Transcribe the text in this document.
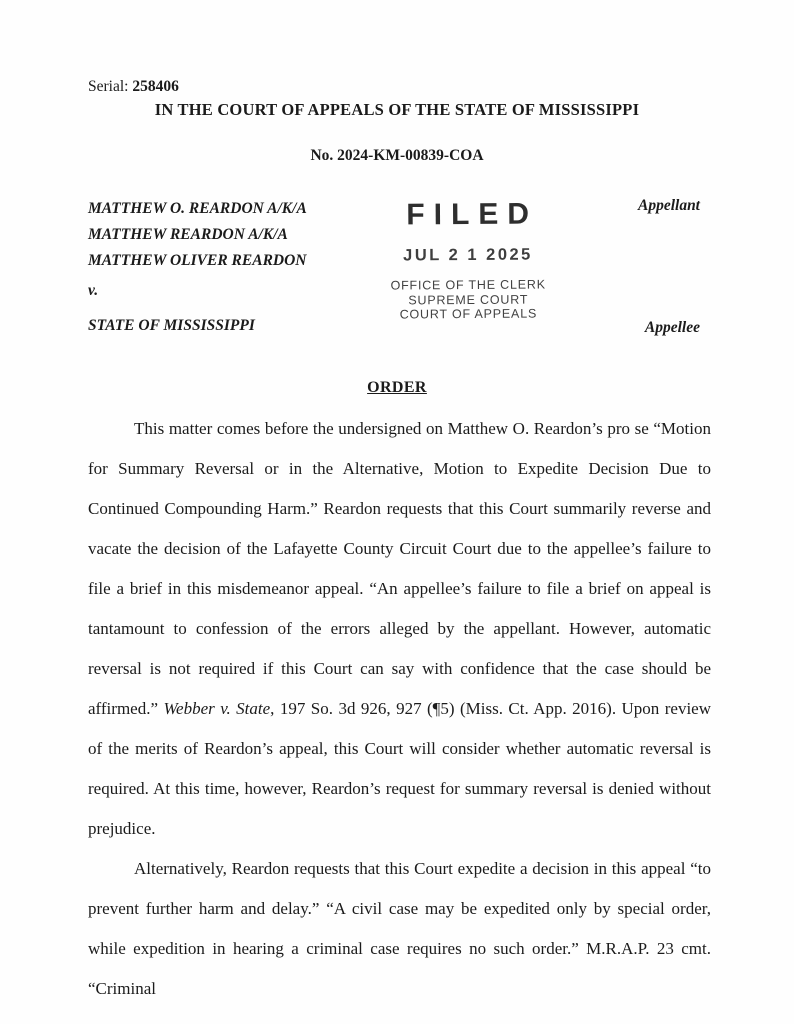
Serial: 258406
IN THE COURT OF APPEALS OF THE STATE OF MISSISSIPPI
No. 2024-KM-00839-COA
MATTHEW O. REARDON A/K/A
MATTHEW REARDON A/K/A
MATTHEW OLIVER REARDON
v.
STATE OF MISSISSIPPI
Appellant
Appellee
FILED
JUL 2 1 2025
OFFICE OF THE CLERK
SUPREME COURT
COURT OF APPEALS
ORDER

This matter comes before the undersigned on Matthew O. Reardon’s pro se “Motion for Summary Reversal or in the Alternative, Motion to Expedite Decision Due to Continued Compounding Harm.” Reardon requests that this Court summarily reverse and vacate the decision of the Lafayette County Circuit Court due to the appellee’s failure to file a brief in this misdemeanor appeal. “An appellee’s failure to file a brief on appeal is tantamount to confession of the errors alleged by the appellant. However, automatic reversal is not required if this Court can say with confidence that the case should be affirmed.” Webber v. State, 197 So. 3d 926, 927 (¶5) (Miss. Ct. App. 2016). Upon review of the merits of Reardon’s appeal, this Court will consider whether automatic reversal is required. At this time, however, Reardon’s request for summary reversal is denied without prejudice.

Alternatively, Reardon requests that this Court expedite a decision in this appeal “to prevent further harm and delay.” “A civil case may be expedited only by special order, while expedition in hearing a criminal case requires no such order.” M.R.A.P. 23 cmt. “Criminal
